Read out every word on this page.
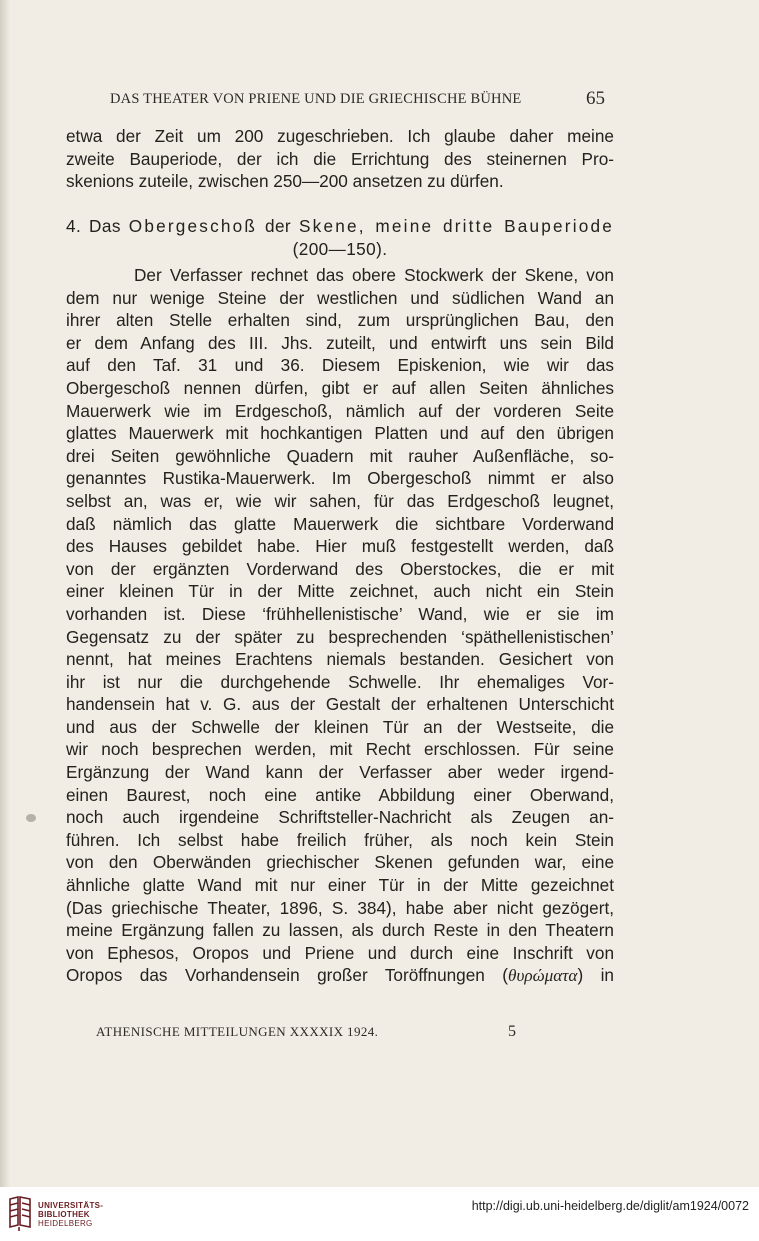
DAS THEATER VON PRIENE UND DIE GRIECHISCHE BÜHNE	65
etwa der Zeit um 200 zugeschrieben. Ich glaube daher meine
zweite Bauperiode, der ich die Errichtung des steinernen Pro-
skenions zuteile, zwischen 250—200 ansetzen zu dürfen.
4. Das Obergeschoß der Skene, meine dritte Bauperiode
(200—150).
Der Verfasser rechnet das obere Stockwerk der Skene, von
dem nur wenige Steine der westlichen und südlichen Wand an
ihrer alten Stelle erhalten sind, zum ursprünglichen Bau, den
er dem Anfang des III. Jhs. zuteilt, und entwirft uns sein Bild
auf den Taf. 31 und 36. Diesem Episkenion, wie wir das
Obergeschoß nennen dürfen, gibt er auf allen Seiten ähnliches
Mauerwerk wie im Erdgeschoß, nämlich auf der vorderen Seite
glattes Mauerwerk mit hochkantigen Platten und auf den übrigen
drei Seiten gewöhnliche Quadern mit rauher Außenfläche, so-
genanntes Rustika-Mauerwerk. Im Obergeschoß nimmt er also
selbst an, was er, wie wir sahen, für das Erdgeschoß leugnet,
daß nämlich das glatte Mauerwerk die sichtbare Vorderwand
des Hauses gebildet habe. Hier muß festgestellt werden, daß
von der ergänzten Vorderwand des Oberstockes, die er mit
einer kleinen Tür in der Mitte zeichnet, auch nicht ein Stein
vorhanden ist. Diese ‘frühhellenistische’ Wand, wie er sie im
Gegensatz zu der später zu besprechenden ‘späthellenistischen’
nennt, hat meines Erachtens niemals bestanden. Gesichert von
ihr ist nur die durchgehende Schwelle. Ihr ehemaliges Vor-
handensein hat v. G. aus der Gestalt der erhaltenen Unterschicht
und aus der Schwelle der kleinen Tür an der Westseite, die
wir noch besprechen werden, mit Recht erschlossen. Für seine
Ergänzung der Wand kann der Verfasser aber weder irgend-
einen Baurest, noch eine antike Abbildung einer Oberwand,
noch auch irgendeine Schriftsteller-Nachricht als Zeugen an-
führen. Ich selbst habe freilich früher, als noch kein Stein
von den Oberwänden griechischer Skenen gefunden war, eine
ähnliche glatte Wand mit nur einer Tür in der Mitte gezeichnet
(Das griechische Theater, 1896, S. 384), habe aber nicht gezögert,
meine Ergänzung fallen zu lassen, als durch Reste in den Theatern
von Ephesos, Oropos und Priene und durch eine Inschrift von
Oropos das Vorhandensein großer Toröffnungen (θυρώματα) in
ATHENISCHE MITTEILUNGEN XXXXIX 1924.	5
UNIVERSITÄTS-
BIBLIOTHEK
HEIDELBERG
http://digi.ub.uni-heidelberg.de/diglit/am1924/0072
